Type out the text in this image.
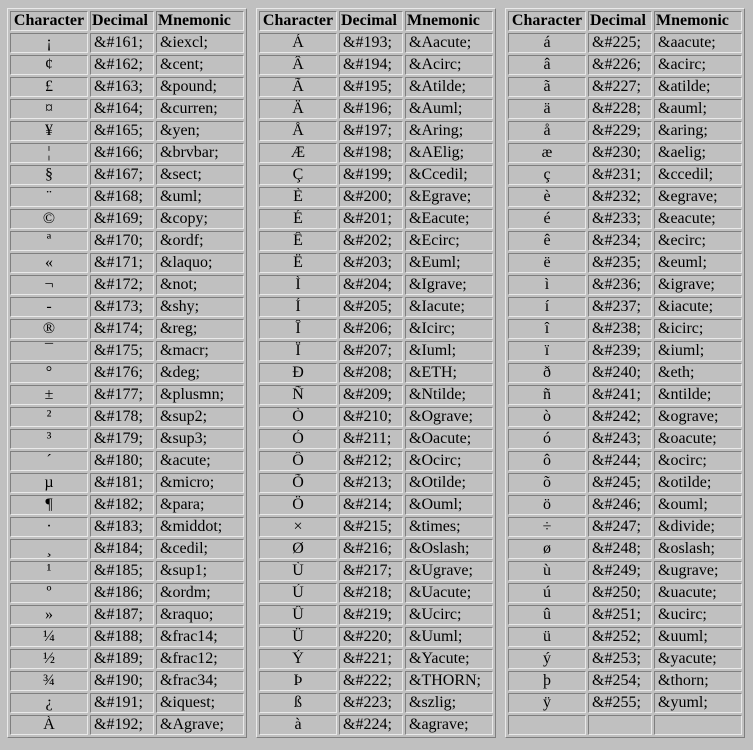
Character	Decimal	Mnemonic
¡	&#161;	&iexcl;
¢	&#162;	&cent;
£	&#163;	&pound;
¤	&#164;	&curren;
¥	&#165;	&yen;
¦	&#166;	&brvbar;
§	&#167;	&sect;
¨	&#168;	&uml;
©	&#169;	&copy;
ª	&#170;	&ordf;
«	&#171;	&laquo;
¬	&#172;	&not;
-	&#173;	&shy;
®	&#174;	&reg;
¯	&#175;	&macr;
°	&#176;	&deg;
±	&#177;	&plusmn;
²	&#178;	&sup2;
³	&#179;	&sup3;
´	&#180;	&acute;
µ	&#181;	&micro;
¶	&#182;	&para;
·	&#183;	&middot;
¸	&#184;	&cedil;
¹	&#185;	&sup1;
º	&#186;	&ordm;
»	&#187;	&raquo;
¼	&#188;	&frac14;
½	&#189;	&frac12;
¾	&#190;	&frac34;
¿	&#191;	&iquest;
À	&#192;	&Agrave;
Character	Decimal	Mnemonic
Á	&#193;	&Aacute;
Â	&#194;	&Acirc;
Ã	&#195;	&Atilde;
Ä	&#196;	&Auml;
Å	&#197;	&Aring;
Æ	&#198;	&AElig;
Ç	&#199;	&Ccedil;
È	&#200;	&Egrave;
É	&#201;	&Eacute;
Ê	&#202;	&Ecirc;
Ë	&#203;	&Euml;
Ì	&#204;	&Igrave;
Í	&#205;	&Iacute;
Î	&#206;	&Icirc;
Ï	&#207;	&Iuml;
Ð	&#208;	&ETH;
Ñ	&#209;	&Ntilde;
Ò	&#210;	&Ograve;
Ó	&#211;	&Oacute;
Ô	&#212;	&Ocirc;
Õ	&#213;	&Otilde;
Ö	&#214;	&Ouml;
×	&#215;	&times;
Ø	&#216;	&Oslash;
Ù	&#217;	&Ugrave;
Ú	&#218;	&Uacute;
Û	&#219;	&Ucirc;
Ü	&#220;	&Uuml;
Ý	&#221;	&Yacute;
Þ	&#222;	&THORN;
ß	&#223;	&szlig;
à	&#224;	&agrave;
Character	Decimal	Mnemonic
á	&#225;	&aacute;
â	&#226;	&acirc;
ã	&#227;	&atilde;
ä	&#228;	&auml;
å	&#229;	&aring;
æ	&#230;	&aelig;
ç	&#231;	&ccedil;
è	&#232;	&egrave;
é	&#233;	&eacute;
ê	&#234;	&ecirc;
ë	&#235;	&euml;
ì	&#236;	&igrave;
í	&#237;	&iacute;
î	&#238;	&icirc;
ï	&#239;	&iuml;
ð	&#240;	&eth;
ñ	&#241;	&ntilde;
ò	&#242;	&ograve;
ó	&#243;	&oacute;
ô	&#244;	&ocirc;
õ	&#245;	&otilde;
ö	&#246;	&ouml;
÷	&#247;	&divide;
ø	&#248;	&oslash;
ù	&#249;	&ugrave;
ú	&#250;	&uacute;
û	&#251;	&ucirc;
ü	&#252;	&uuml;
ý	&#253;	&yacute;
þ	&#254;	&thorn;
ÿ	&#255;	&yuml;
